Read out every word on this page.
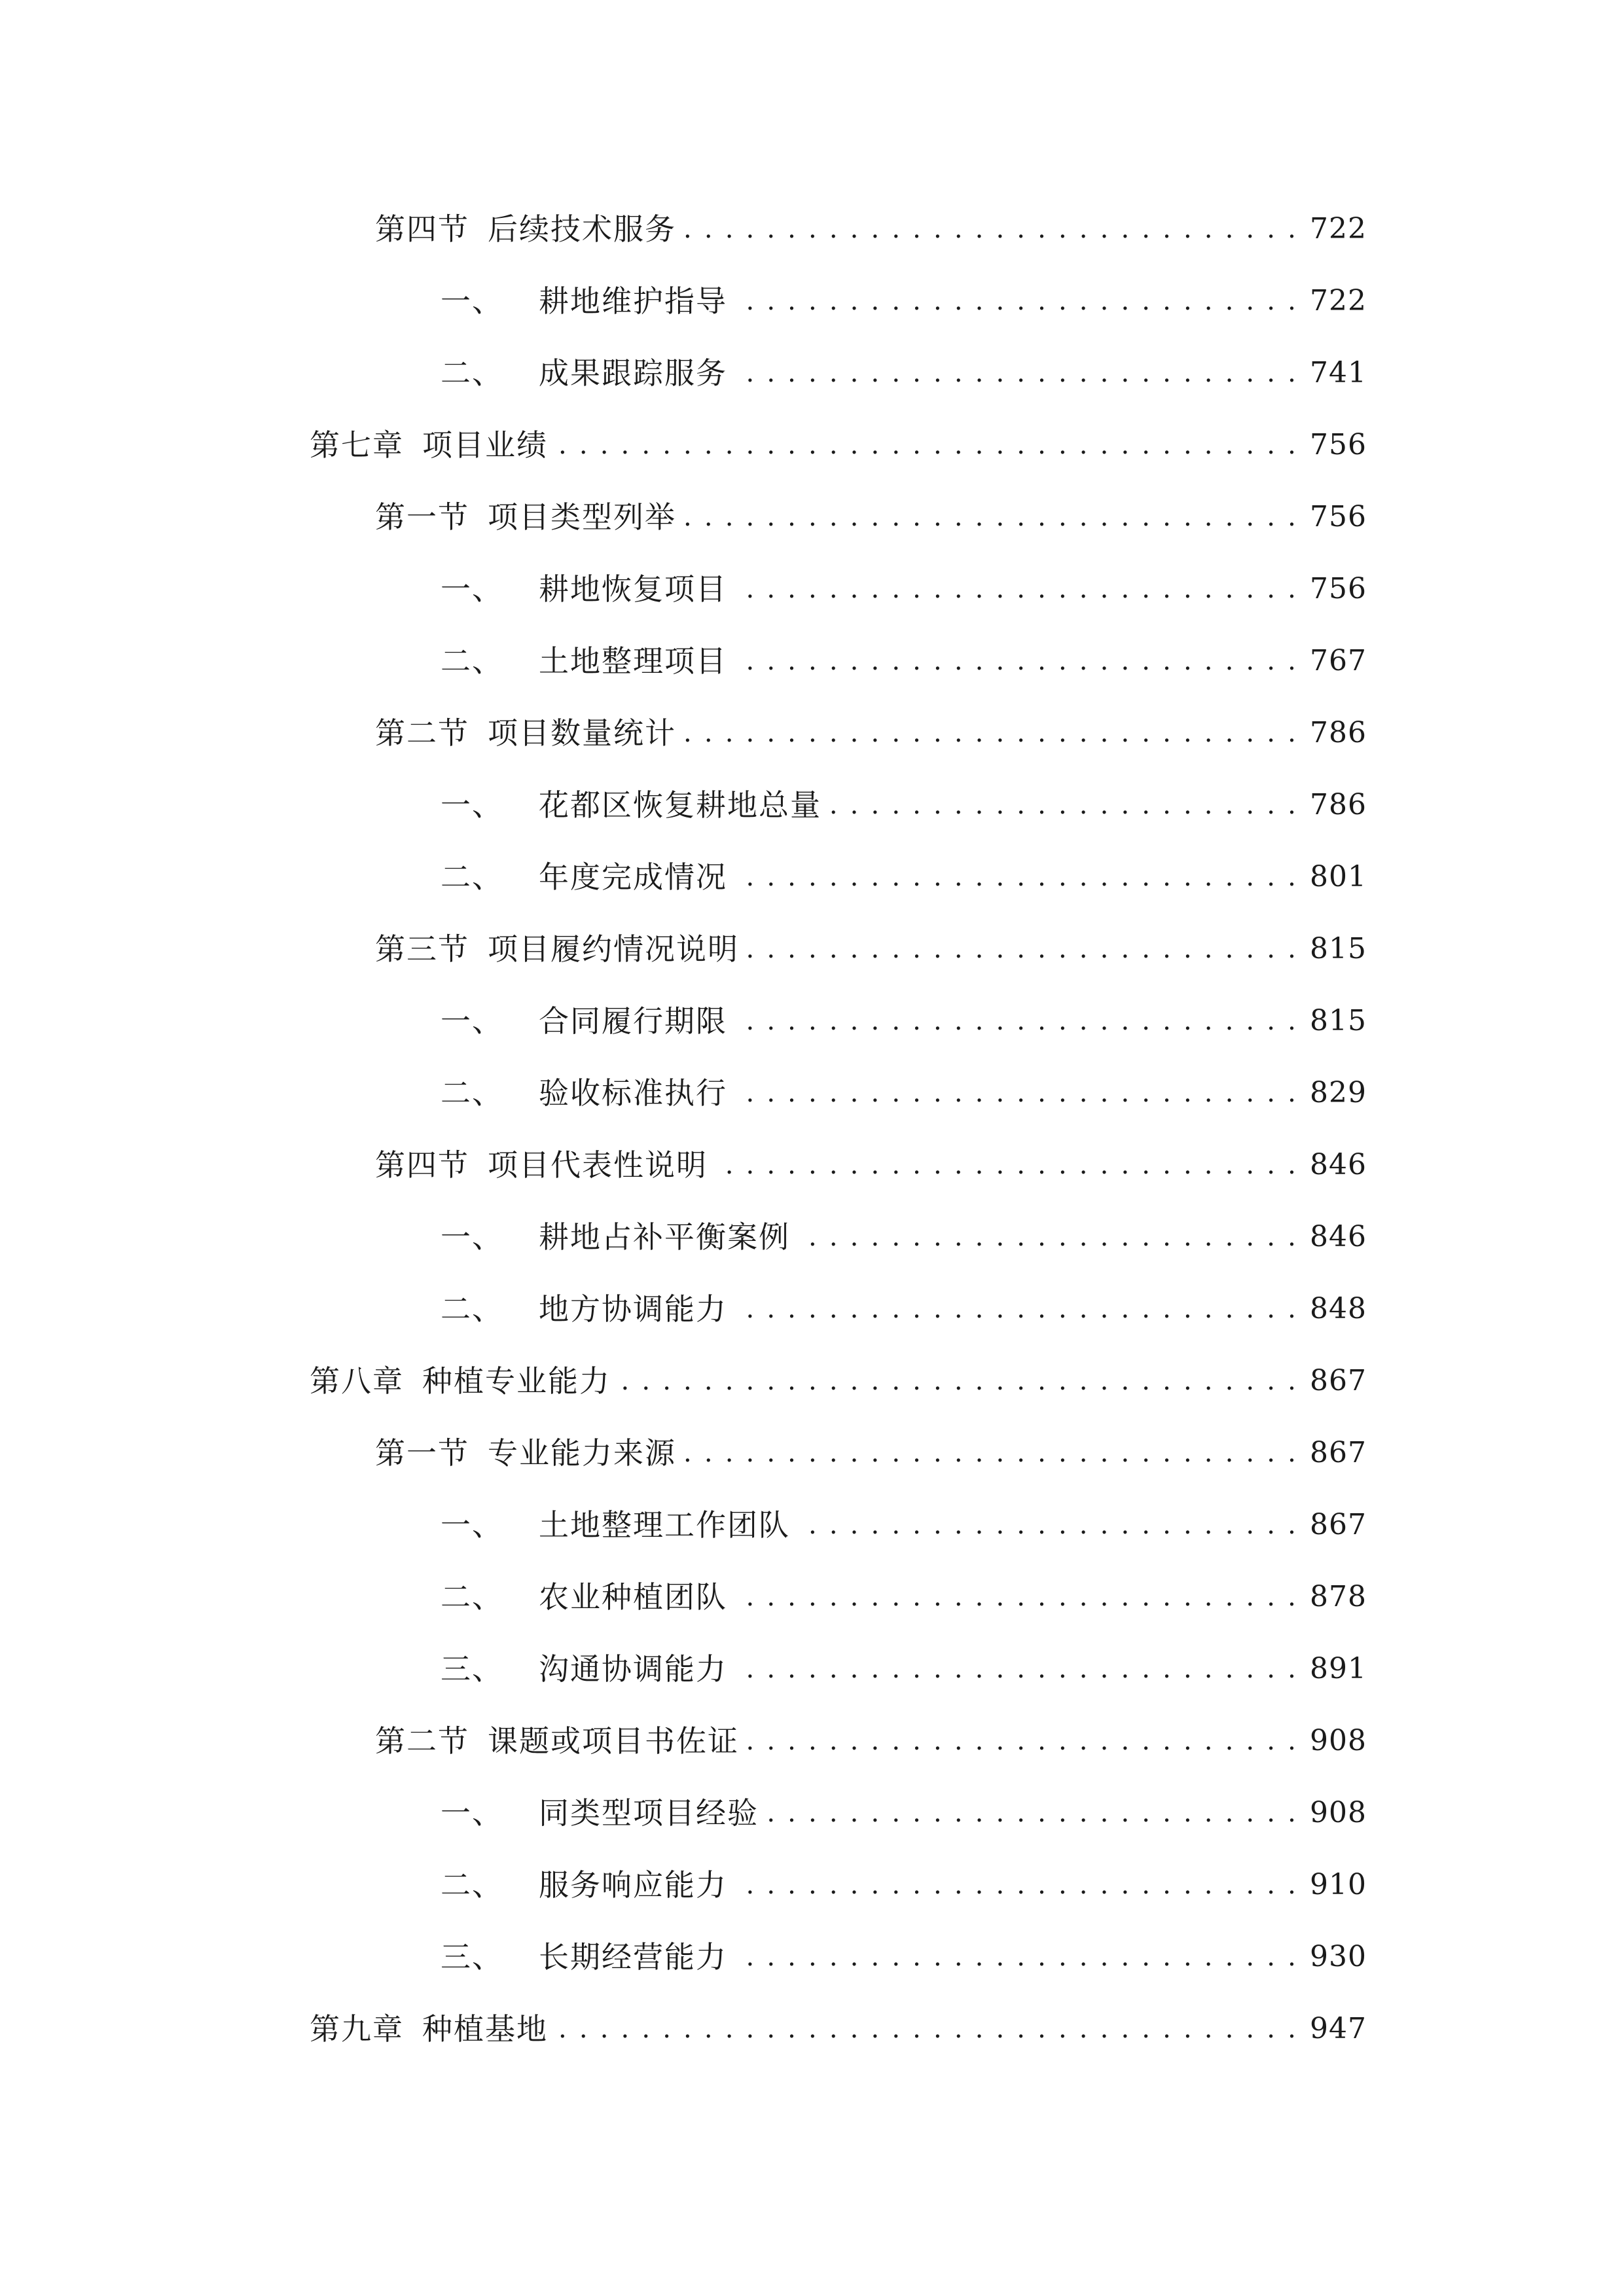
第四节 后续技术服务 . . .	722
一、 耕地维护指导 . . .	722
二、 成果跟踪服务 . . .	741
第七章 项目业绩 . . .	756
第一节 项目类型列举 . . .	756
一、 耕地恢复项目 . . .	756
二、 土地整理项目 . . .	767
第二节 项目数量统计 . . .	786
一、 花都区恢复耕地总量 . . .	786
二、 年度完成情况 . . .	801
第三节 项目履约情况说明 . . .	815
一、 合同履行期限 . . .	815
二、 验收标准执行 . . .	829
第四节 项目代表性说明 . . .	846
一、 耕地占补平衡案例 . . .	846
二、 地方协调能力 . . .	848
第八章 种植专业能力 . . .	867
第一节 专业能力来源 . . .	867
一、 土地整理工作团队 . . .	867
二、 农业种植团队 . . .	878
三、 沟通协调能力 . . .	891
第二节 课题或项目书佐证 . . .	908
一、 同类型项目经验 . . .	908
二、 服务响应能力 . . .	910
三、 长期经营能力 . . .	930
第九章 种植基地 . . .	947
